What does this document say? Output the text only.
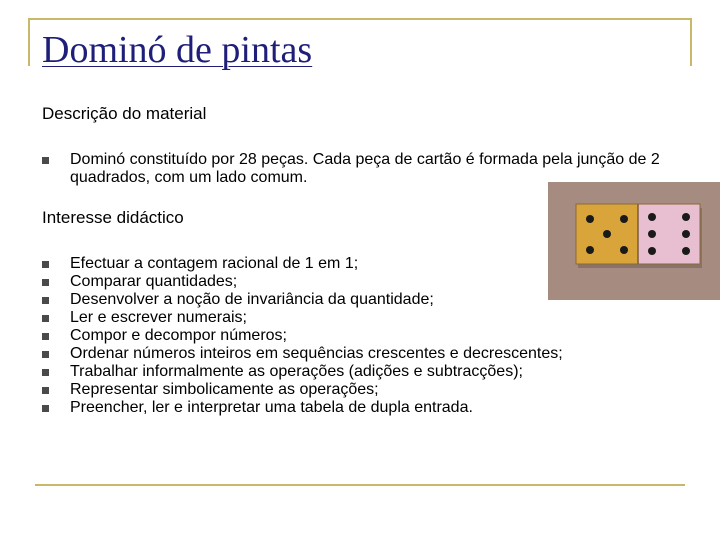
Dominó de pintas
Descrição do material
Dominó constituído por 28 peças. Cada peça de cartão é formada pela junção de 2 quadrados, com um lado comum.
Interesse didáctico
Efectuar a contagem racional de 1 em 1;
Comparar quantidades;
Desenvolver a noção de invariância da quantidade;
Ler e escrever numerais;
Compor e decompor números;
Ordenar números inteiros em sequências crescentes e decrescentes;
Trabalhar informalmente as operações (adições e subtracções);
Representar simbolicamente as operações;
Preencher, ler e interpretar uma tabela de dupla entrada.
